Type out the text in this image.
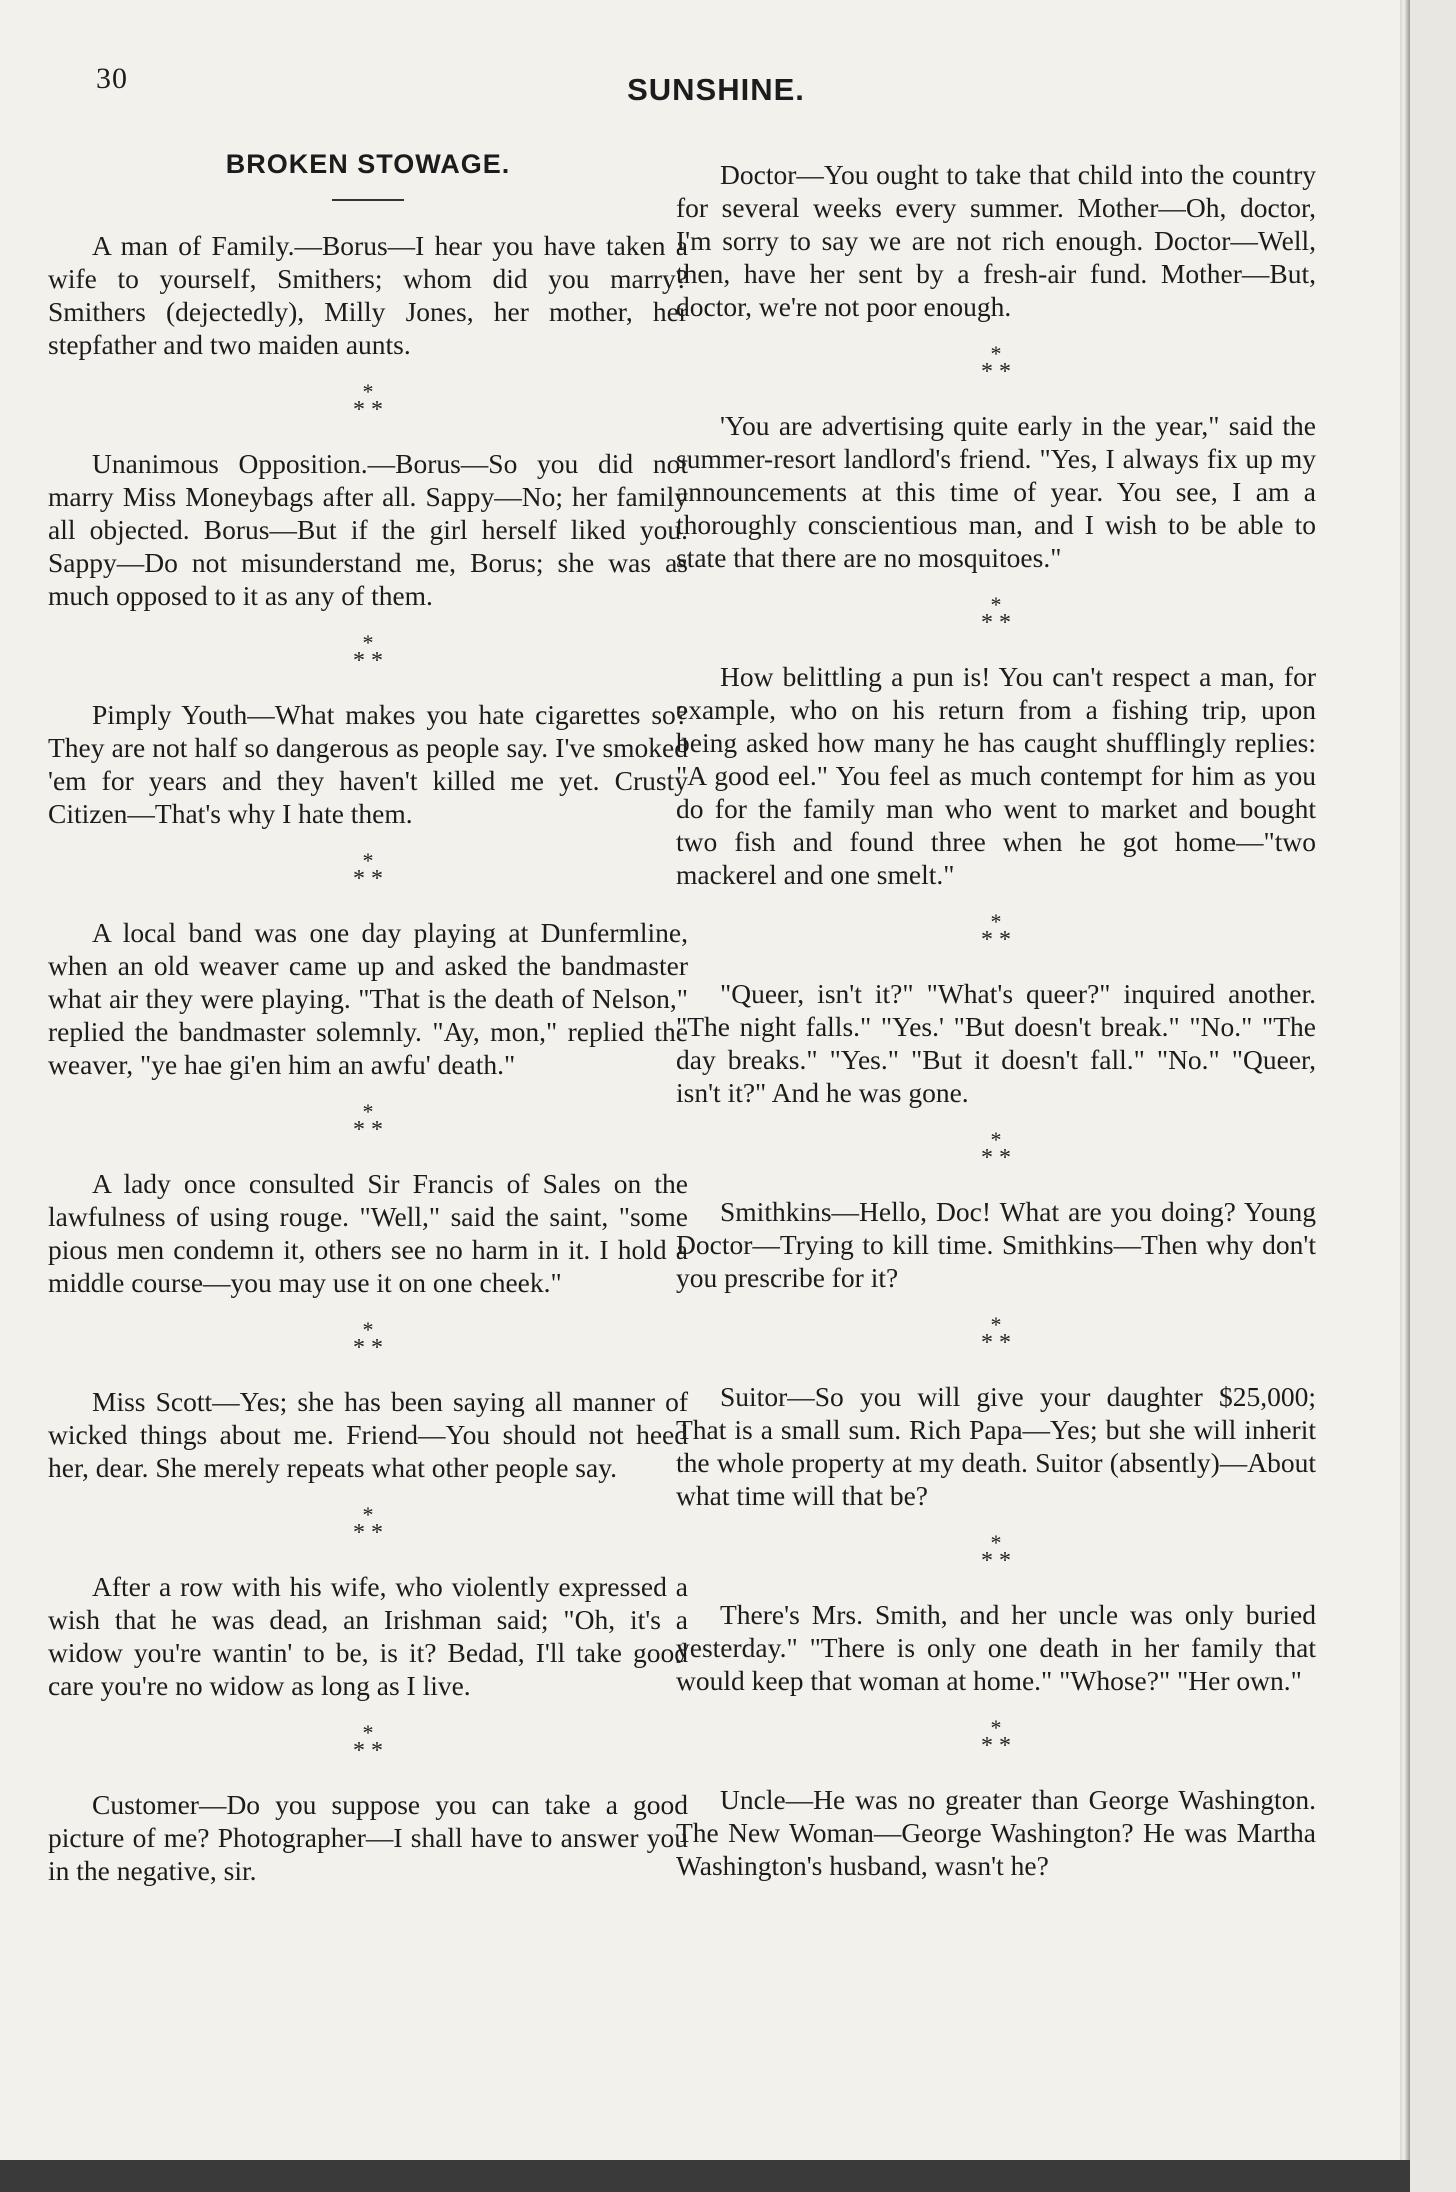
30	SUNSHINE.
BROKEN STOWAGE.

A man of Family.—Borus—I hear you have taken a wife to yourself, Smithers; whom did you marry? Smithers (dejectedly), Milly Jones, her mother, her stepfather and two maiden aunts.

*
* *

Unanimous Opposition.—Borus—So you did not marry Miss Moneybags after all. Sappy—No; her family all objected. Borus—But if the girl herself liked you. Sappy—Do not misunderstand me, Borus; she was as much opposed to it as any of them.

*
* *

Pimply Youth—What makes you hate cigarettes so? They are not half so dangerous as people say. I've smoked 'em for years and they haven't killed me yet. Crusty Citizen—That's why I hate them.

*
* *

A local band was one day playing at Dunfermline, when an old weaver came up and asked the bandmaster what air they were playing. "That is the death of Nelson," replied the bandmaster solemnly. "Ay, mon," replied the weaver, "ye hae gi'en him an awfu' death."

*
* *

A lady once consulted Sir Francis of Sales on the lawfulness of using rouge. "Well," said the saint, "some pious men condemn it, others see no harm in it. I hold a middle course—you may use it on one cheek."

*
* *

Miss Scott—Yes; she has been saying all manner of wicked things about me. Friend—You should not heed her, dear. She merely repeats what other people say.

*
* *

After a row with his wife, who violently expressed a wish that he was dead, an Irishman said; "Oh, it's a widow you're wantin' to be, is it? Bedad, I'll take good care you're no widow as long as I live.

*
* *

Customer—Do you suppose you can take a good picture of me? Photographer—I shall have to answer you in the negative, sir.

Doctor—You ought to take that child into the country for several weeks every summer. Mother—Oh, doctor, I'm sorry to say we are not rich enough. Doctor—Well, then, have her sent by a fresh-air fund. Mother—But, doctor, we're not poor enough.

*
* *

'You are advertising quite early in the year," said the summer-resort landlord's friend. "Yes, I always fix up my announcements at this time of year. You see, I am a thoroughly conscientious man, and I wish to be able to state that there are no mosquitoes."

*
* *

How belittling a pun is! You can't respect a man, for example, who on his return from a fishing trip, upon being asked how many he has caught shufflingly replies: "A good eel." You feel as much contempt for him as you do for the family man who went to market and bought two fish and found three when he got home—"two mackerel and one smelt."

*
* *

"Queer, isn't it?" "What's queer?" inquired another. "The night falls." "Yes.' "But doesn't break." "No." "The day breaks." "Yes." "But it doesn't fall." "No." "Queer, isn't it?" And he was gone.

*
* *

Smithkins—Hello, Doc! What are you doing? Young Doctor—Trying to kill time. Smithkins—Then why don't you prescribe for it?

*
* *

Suitor—So you will give your daughter $25,000; That is a small sum. Rich Papa—Yes; but she will inherit the whole property at my death. Suitor (absently)—About what time will that be?

*
* *

There's Mrs. Smith, and her uncle was only buried yesterday." "There is only one death in her family that would keep that woman at home." "Whose?" "Her own."

*
* *

Uncle—He was no greater than George Washington. The New Woman—George Washington? He was Martha Washington's husband, wasn't he?
